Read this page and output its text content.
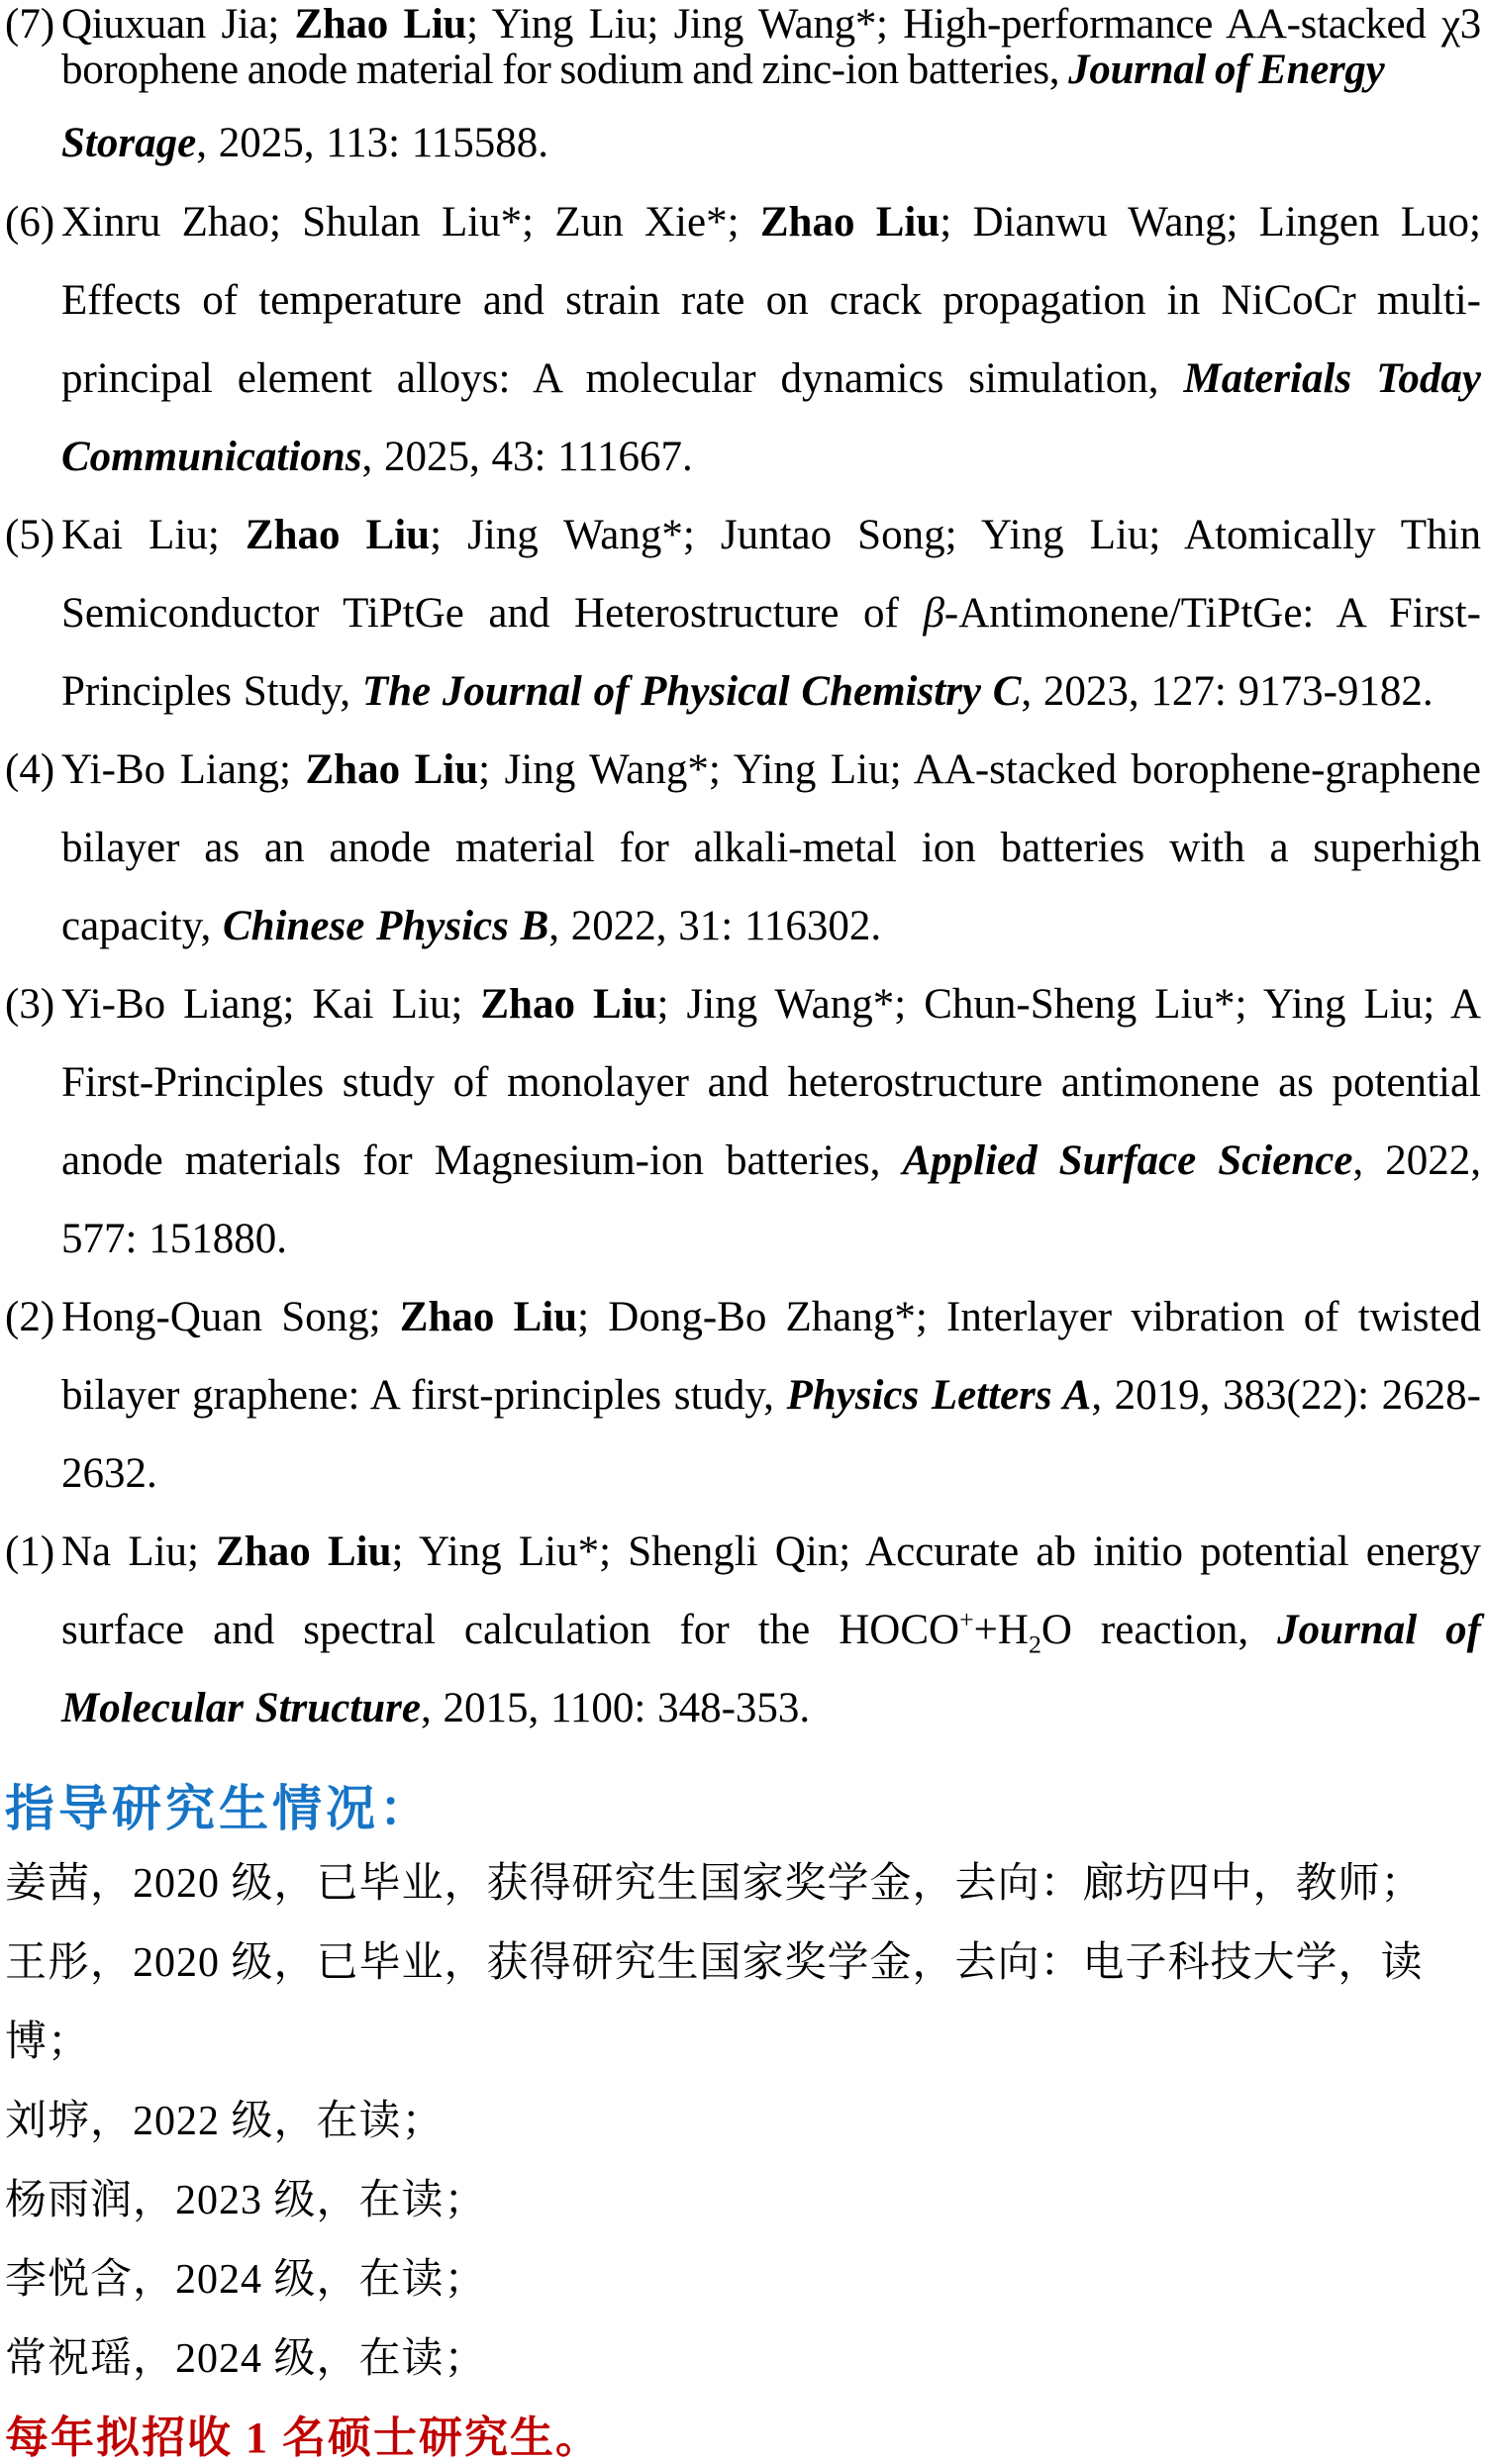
(7) Qiuxuan Jia; Zhao Liu; Ying Liu; Jing Wang*; High-performance AA-stacked χ3 borophene anode material for sodium and zinc-ion batteries, Journal of Energy
Storage, 2025, 113: 115588.
(6) Xinru Zhao; Shulan Liu*; Zun Xie*; Zhao Liu; Dianwu Wang; Lingen Luo; Effects of temperature and strain rate on crack propagation in NiCoCr multi-principal element alloys: A molecular dynamics simulation, Materials Today Communications, 2025, 43: 111667.
(5) Kai Liu; Zhao Liu; Jing Wang*; Juntao Song; Ying Liu; Atomically Thin Semiconductor TiPtGe and Heterostructure of β-Antimonene/TiPtGe: A First-Principles Study, The Journal of Physical Chemistry C, 2023, 127: 9173-9182.
(4) Yi-Bo Liang; Zhao Liu; Jing Wang*; Ying Liu; AA-stacked borophene-graphene bilayer as an anode material for alkali-metal ion batteries with a superhigh capacity, Chinese Physics B, 2022, 31: 116302.
(3) Yi-Bo Liang; Kai Liu; Zhao Liu; Jing Wang*; Chun-Sheng Liu*; Ying Liu; A First-Principles study of monolayer and heterostructure antimonene as potential anode materials for Magnesium-ion batteries, Applied Surface Science, 2022, 577: 151880.
(2) Hong-Quan Song; Zhao Liu; Dong-Bo Zhang*; Interlayer vibration of twisted bilayer graphene: A first-principles study, Physics Letters A, 2019, 383(22): 2628-2632.
(1) Na Liu; Zhao Liu; Ying Liu*; Shengli Qin; Accurate ab initio potential energy surface and spectral calculation for the $HOCO^++H_2O$ reaction, Journal of Molecular Structure, 2015, 1100: 348-353.
指导研究生情况：
姜茜，2020 级，已毕业，获得研究生国家奖学金，去向：廊坊四中，教师；
王彤，2020 级，已毕业，获得研究生国家奖学金，去向：电子科技大学，读博；
刘垿，2022 级，在读；
杨雨润，2023 级，在读；
李悦含，2024 级，在读；
常祝瑶，2024 级，在读；

每年拟招收 1 名硕士研究生。
